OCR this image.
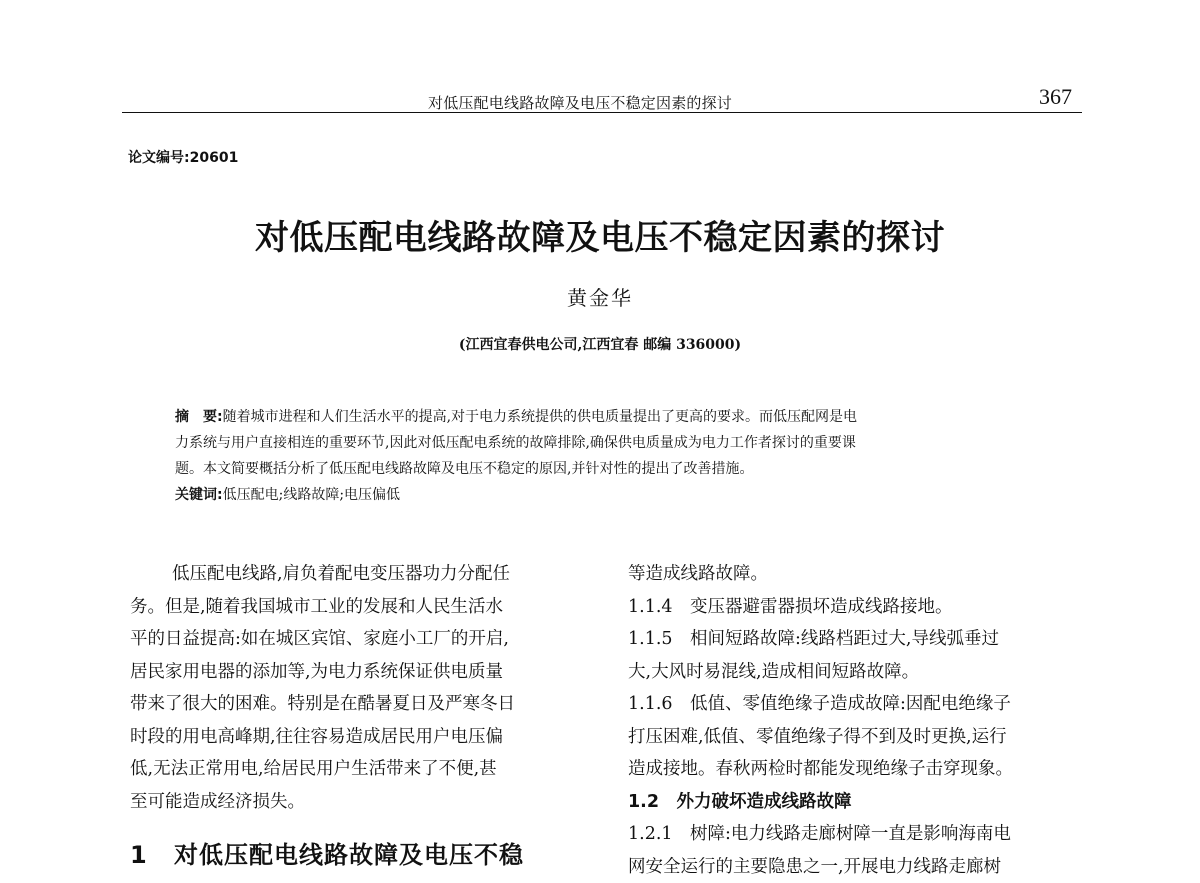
对低压配电线路故障及电压不稳定因素的探讨	367
论文编号:20601
对低压配电线路故障及电压不稳定因素的探讨
黄金华
(江西宜春供电公司,江西宜春 邮编 336000)
摘　要:随着城市进程和人们生活水平的提高,对于电力系统提供的供电质量提出了更高的要求。而低压配网是电
力系统与用户直接相连的重要环节,因此对低压配电系统的故障排除,确保供电质量成为电力工作者探讨的重要课
题。本文简要概括分析了低压配电线路故障及电压不稳定的原因,并针对性的提出了改善措施。
关键词:低压配电;线路故障;电压偏低
低压配电线路,肩负着配电变压器功力分配任
务。但是,随着我国城市工业的发展和人民生活水
平的日益提高:如在城区宾馆、家庭小工厂的开启,
居民家用电器的添加等,为电力系统保证供电质量
带来了很大的困难。特别是在酷暑夏日及严寒冬日
时段的用电高峰期,往往容易造成居民用户电压偏
低,无法正常用电,给居民用户生活带来了不便,甚
至可能造成经济损失。
1 对低压配电线路故障及电压不稳
等造成线路故障。
1.1.4　变压器避雷器损坏造成线路接地。
1.1.5　相间短路故障:线路档距过大,导线弧垂过
大,大风时易混线,造成相间短路故障。
1.1.6　低值、零值绝缘子造成故障:因配电绝缘子
打压困难,低值、零值绝缘子得不到及时更换,运行
造成接地。春秋两检时都能发现绝缘子击穿现象。
1.2　外力破坏造成线路故障
1.2.1　树障:电力线路走廊树障一直是影响海南电
网安全运行的主要隐患之一,开展电力线路走廊树
